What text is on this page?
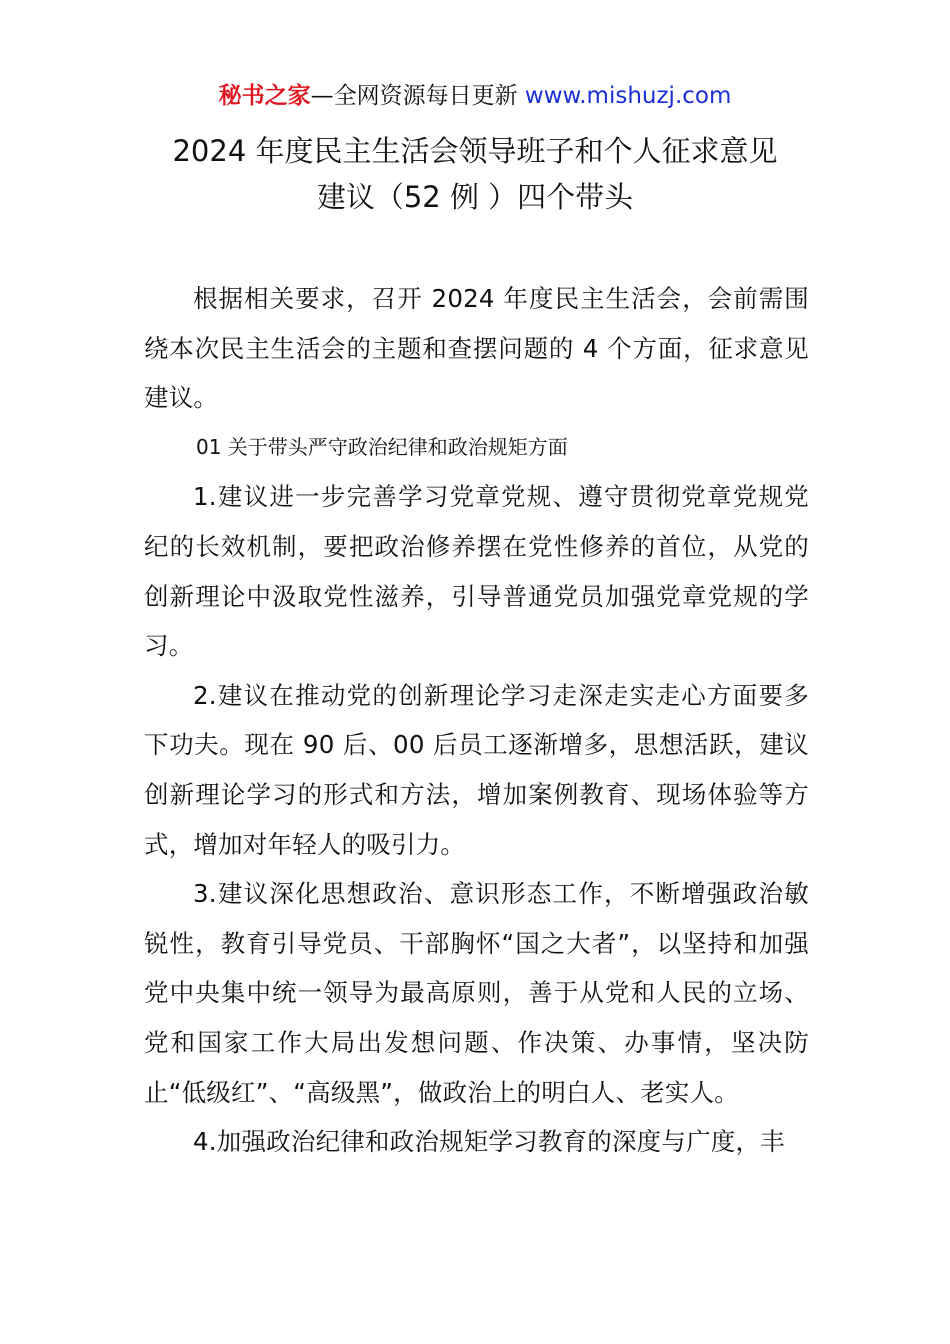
秘书之家—全网资源每日更新 www.mishuzj.com
2024 年度民主生活会领导班子和个人征求意见
建议（52 例 ）四个带头

根据相关要求，召开 2024 年度民主生活会，会前需围绕本次民主生活会的主题和查摆问题的 4 个方面，征求意见建议。

01 关于带头严守政治纪律和政治规矩方面

1.建议进一步完善学习党章党规、遵守贯彻党章党规党纪的长效机制，要把政治修养摆在党性修养的首位，从党的创新理论中汲取党性滋养，引导普通党员加强党章党规的学习。

2.建议在推动党的创新理论学习走深走实走心方面要多下功夫。现在 90 后、00 后员工逐渐增多，思想活跃，建议创新理论学习的形式和方法，增加案例教育、现场体验等方式，增加对年轻人的吸引力。

3.建议深化思想政治、意识形态工作，不断增强政治敏锐性，教育引导党员、干部胸怀“国之大者”，以坚持和加强党中央集中统一领导为最高原则，善于从党和人民的立场、党和国家工作大局出发想问题、作决策、办事情，坚决防止“低级红”、“高级黑”，做政治上的明白人、老实人。

4.加强政治纪律和政治规矩学习教育的深度与广度，丰
